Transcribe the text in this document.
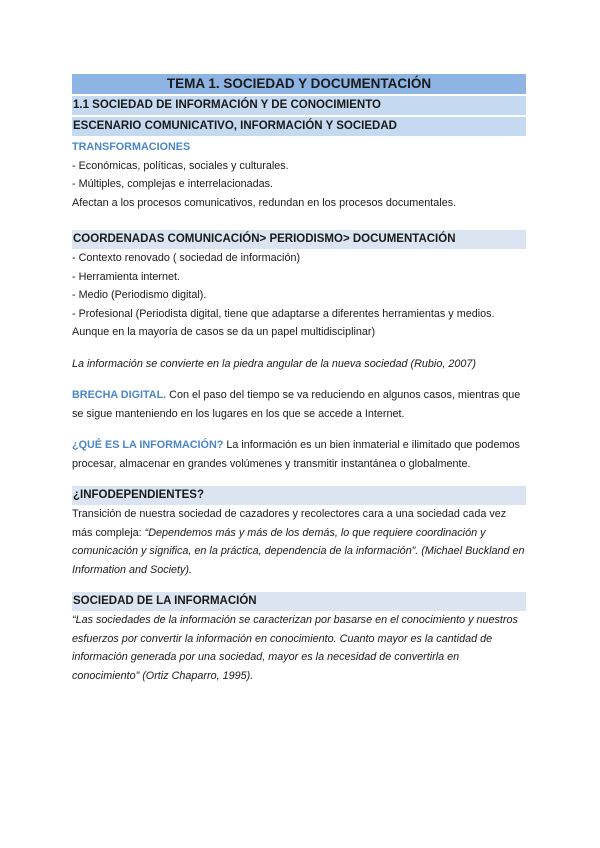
TEMA 1. SOCIEDAD Y DOCUMENTACIÓN
1.1 SOCIEDAD DE INFORMACIÓN Y DE CONOCIMIENTO
ESCENARIO COMUNICATIVO, INFORMACIÓN Y SOCIEDAD

TRANSFORMACIONES

- Económicas, políticas, sociales y culturales.

- Múltiples, complejas e interrelacionadas.

Afectan a los procesos comunicativos, redundan en los procesos documentales.

COORDENADAS COMUNICACIÓN> PERIODISMO> DOCUMENTACIÓN

- Contexto renovado ( sociedad de información)

- Herramienta internet.

- Medio (Periodismo digital).

- Profesional (Periodista digital, tiene que adaptarse a diferentes herramientas y medios. Aunque en la mayoría de casos se da un papel multidisciplinar)

La información se convierte en la piedra angular de la nueva sociedad (Rubio, 2007)

BRECHA DIGITAL. Con el paso del tiempo se va reduciendo en algunos casos, mientras que se sigue manteniendo en los lugares en los que se accede a Internet.

¿QUÉ ES LA INFORMACIÓN? La información es un bien inmaterial e ilimitado que podemos procesar, almacenar en grandes volúmenes y transmitir instantánea o globalmente.

¿INFODEPENDIENTES?

Transición de nuestra sociedad de cazadores y recolectores cara a una sociedad cada vez más compleja: “Dependemos más y más de los demás, lo que requiere coordinación y comunicación y significa, en la práctica, dependencia de la información”. (Michael Buckland en Information and Society).

SOCIEDAD DE LA INFORMACIÓN

“Las sociedades de la información se caracterizan por basarse en el conocimiento y nuestros esfuerzos por convertir la información en conocimiento. Cuanto mayor es la cantidad de información generada por una sociedad, mayor es la necesidad de convertirla en conocimiento” (Ortiz Chaparro, 1995).
